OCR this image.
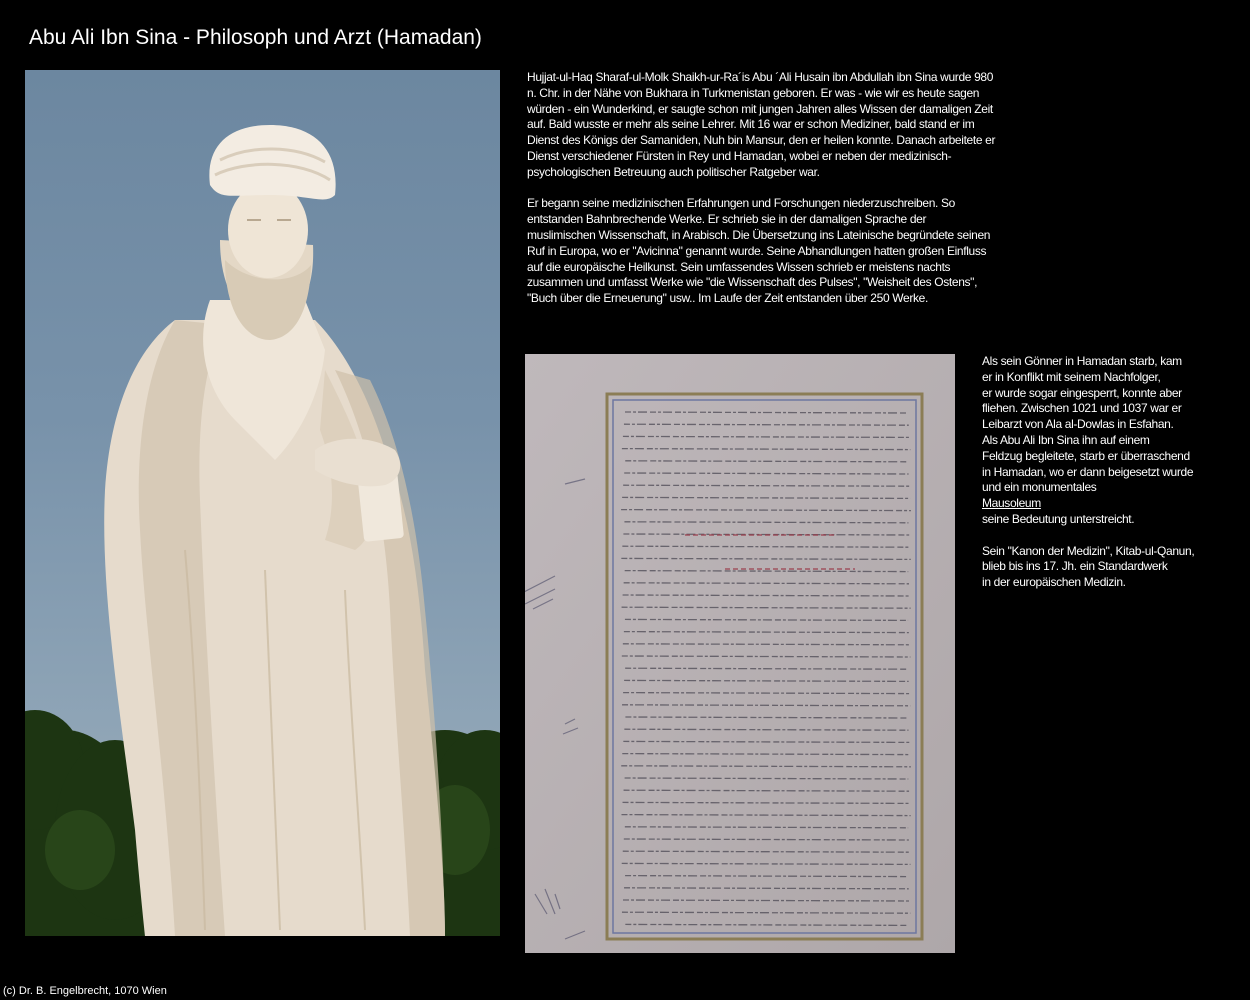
Abu Ali Ibn Sina - Philosoph und Arzt (Hamadan)
Hujjat-ul-Haq Sharaf-ul-Molk Shaikh-ur-Ra´is Abu ´Ali Husain ibn Abdullah ibn Sina wurde 980 n. Chr. in der Nähe von Bukhara in Turkmenistan geboren. Er was - wie wir es heute sagen würden - ein Wunderkind, er saugte schon mit jungen Jahren alles Wissen der damaligen Zeit auf. Bald wusste er mehr als seine Lehrer. Mit 16 war er schon Mediziner, bald stand er im Dienst des Königs der Samaniden, Nuh bin Mansur, den er heilen konnte. Danach arbeitete er Dienst verschiedener Fürsten in Rey und Hamadan, wobei er neben der medizinisch-psychologischen Betreuung auch politischer Ratgeber war.
Er begann seine medizinischen Erfahrungen und Forschungen niederzuschreiben. So entstanden Bahnbrechende Werke. Er schrieb sie in der damaligen Sprache der muslimischen Wissenschaft, in Arabisch. Die Übersetzung ins Lateinische begründete seinen Ruf in Europa, wo er "Avicinna" genannt wurde. Seine Abhandlungen hatten großen Einfluss auf die europäische Heilkunst. Sein umfassendes Wissen schrieb er meistens nachts zusammen und umfasst Werke wie "die Wissenschaft des Pulses", "Weisheit des Ostens", "Buch über die Erneuerung" usw.. Im Laufe der Zeit entstanden über 250 Werke.
Als sein Gönner in Hamadan starb, kam
er in Konflikt mit seinem Nachfolger,
er wurde sogar eingesperrt, konnte aber
fliehen. Zwischen 1021 und 1037 war er
Leibarzt von Ala al-Dowlas in Esfahan.
Als Abu Ali Ibn Sina ihn auf einem
Feldzug begleitete, starb er überraschend
in Hamadan, wo er dann beigesetzt wurde
und ein monumentales
Mausoleum
seine Bedeutung unterstreicht.
Sein "Kanon der Medizin", Kitab-ul-Qanun,
blieb bis ins 17. Jh. ein Standardwerk
in der europäischen Medizin.

(c) Dr. B. Engelbrecht, 1070 Wien
